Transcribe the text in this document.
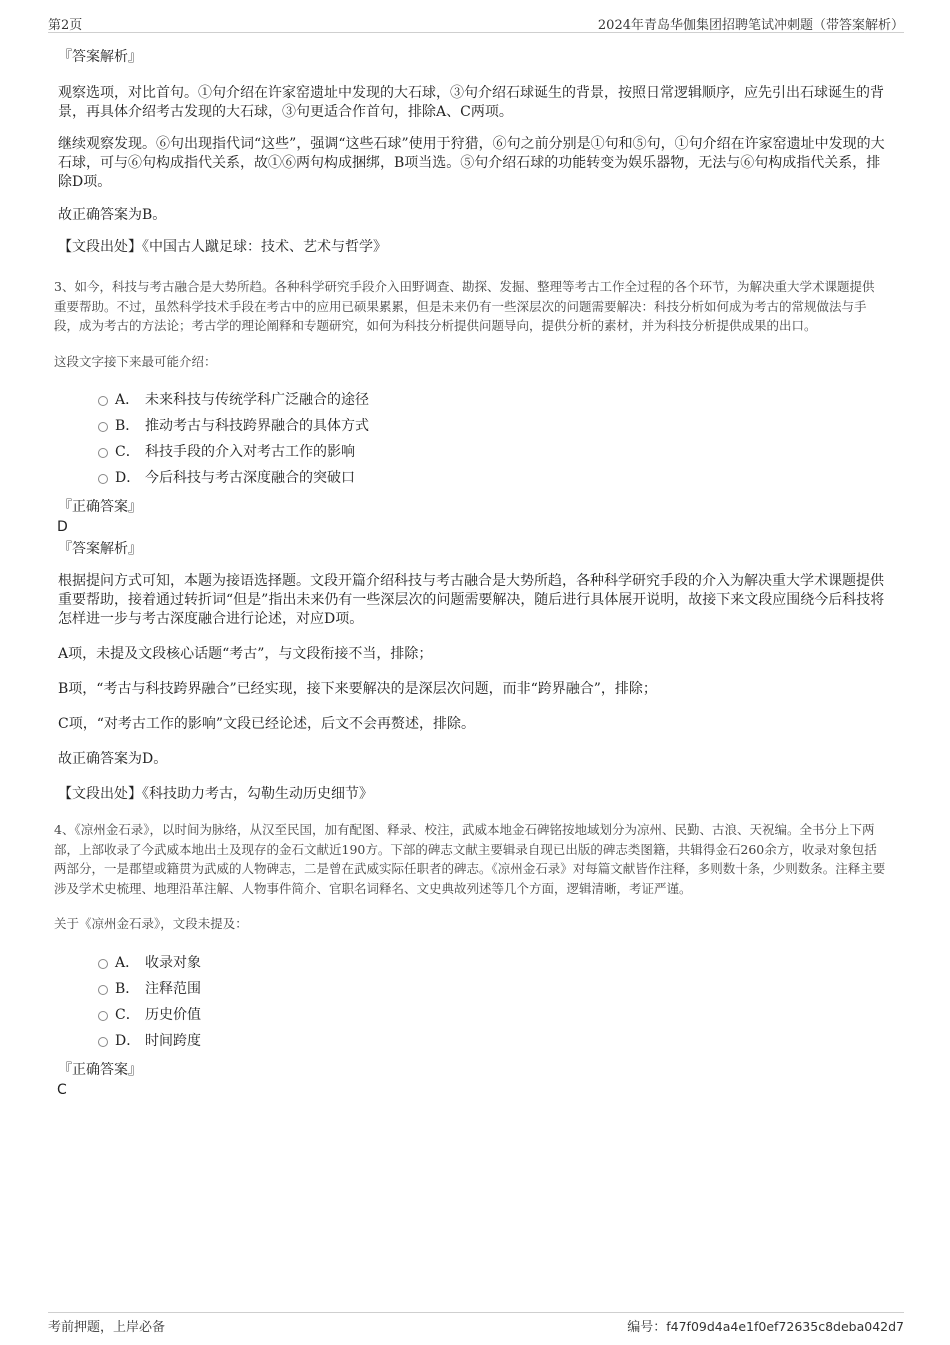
第2页	2024年青岛华伽集团招聘笔试冲刺题（带答案解析）
『答案解析』

观察选项，对比首句。①句介绍在许家窑遗址中发现的大石球，③句介绍石球诞生的背景，按照日常逻辑顺序，应先引出石球诞生的背景，再具体介绍考古发现的大石球，③句更适合作首句，排除A、C两项。

继续观察发现。⑥句出现指代词“这些”，强调“这些石球”使用于狩猎，⑥句之前分别是①句和⑤句，①句介绍在许家窑遗址中发现的大石球，可与⑥句构成指代关系，故①⑥两句构成捆绑，B项当选。⑤句介绍石球的功能转变为娱乐器物，无法与⑥句构成指代关系，排除D项。

故正确答案为B。

【文段出处】《中国古人蹴足球：技术、艺术与哲学》

3、如今，科技与考古融合是大势所趋。各种科学研究手段介入田野调查、勘探、发掘、整理等考古工作全过程的各个环节，为解决重大学术课题提供重要帮助。不过，虽然科学技术手段在考古中的应用已硕果累累，但是未来仍有一些深层次的问题需要解决：科技分析如何成为考古的常规做法与手段，成为考古的方法论；考古学的理论阐释和专题研究，如何为科技分析提供问题导向，提供分析的素材，并为科技分析提供成果的出口。

这段文字接下来最可能介绍：

A． 未来科技与传统学科广泛融合的途径
B． 推动考古与科技跨界融合的具体方式
C． 科技手段的介入对考古工作的影响
D． 今后科技与考古深度融合的突破口
『正确答案』
D
『答案解析』

根据提问方式可知，本题为接语选择题。文段开篇介绍科技与考古融合是大势所趋，各种科学研究手段的介入为解决重大学术课题提供重要帮助，接着通过转折词“但是”指出未来仍有一些深层次的问题需要解决，随后进行具体展开说明，故接下来文段应围绕今后科技将怎样进一步与考古深度融合进行论述，对应D项。

A项，未提及文段核心话题“考古”，与文段衔接不当，排除；

B项，“考古与科技跨界融合”已经实现，接下来要解决的是深层次问题，而非“跨界融合”，排除；

C项，“对考古工作的影响”文段已经论述，后文不会再赘述，排除。

故正确答案为D。

【文段出处】《科技助力考古，勾勒生动历史细节》

4、《凉州金石录》，以时间为脉络，从汉至民国，加有配图、释录、校注，武威本地金石碑铭按地域划分为凉州、民勤、古浪、天祝编。全书分上下两部，上部收录了今武威本地出土及现存的金石文献近190方。下部的碑志文献主要辑录自现已出版的碑志类图籍，共辑得金石260余方，收录对象包括两部分，一是郡望或籍贯为武威的人物碑志，二是曾在武威实际任职者的碑志。《凉州金石录》对每篇文献皆作注释，多则数十条，少则数条。注释主要涉及学术史梳理、地理沿革注解、人物事件简介、官职名词释名、文史典故列述等几个方面，逻辑清晰，考证严谨。

关于《凉州金石录》，文段未提及：

A． 收录对象
B． 注释范围
C． 历史价值
D． 时间跨度
『正确答案』
C
考前押题，上岸必备	编号：f47f09d4a4e1f0ef72635c8deba042d7
